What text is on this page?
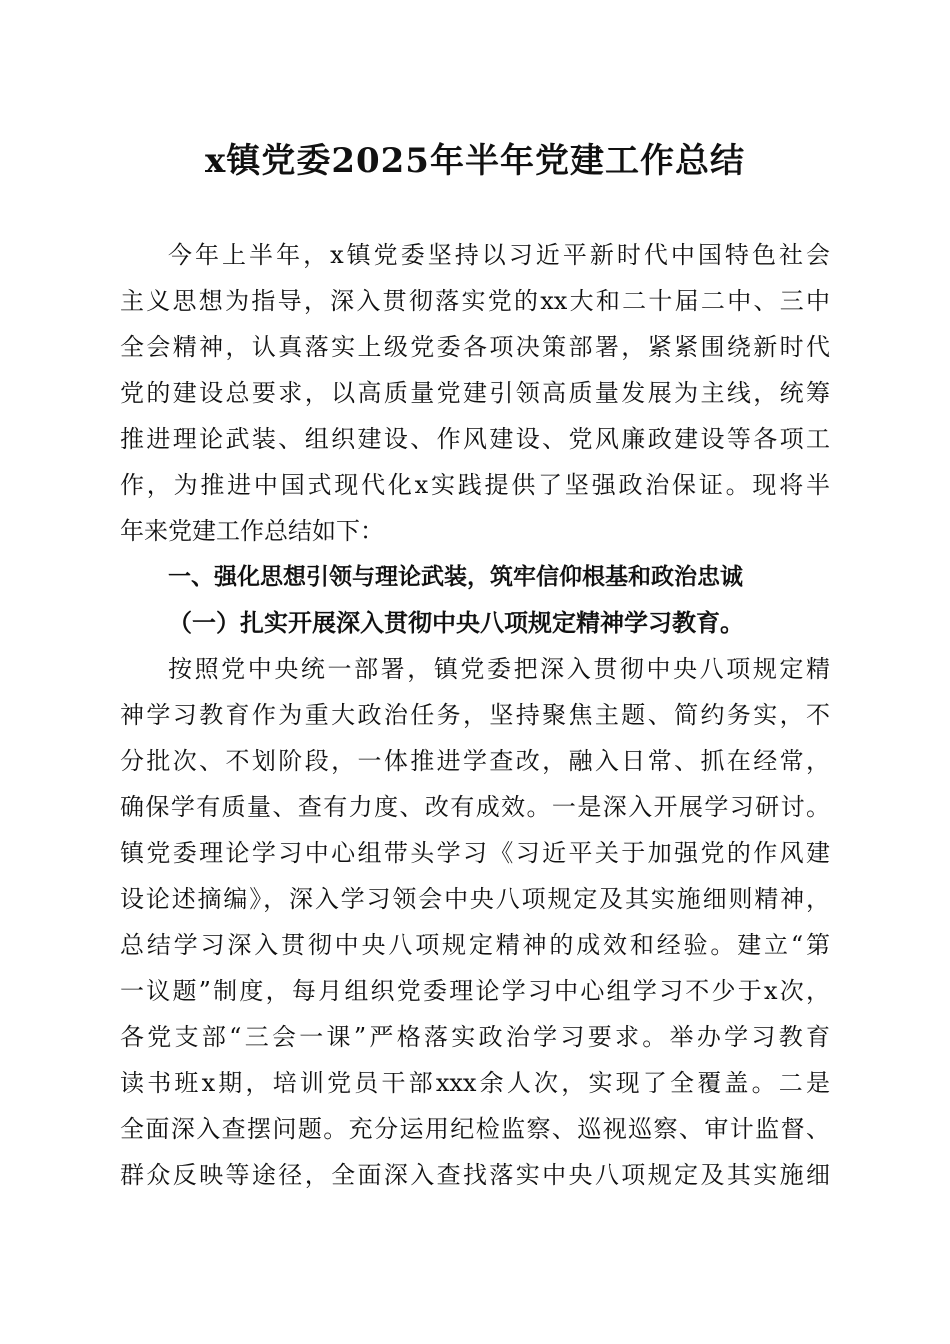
x镇党委2025年半年党建工作总结
今年上半年，x镇党委坚持以习近平新时代中国特色社会
主义思想为指导，深入贯彻落实党的xx大和二十届二中、三中
全会精神，认真落实上级党委各项决策部署，紧紧围绕新时代
党的建设总要求，以高质量党建引领高质量发展为主线，统筹
推进理论武装、组织建设、作风建设、党风廉政建设等各项工
作，为推进中国式现代化x实践提供了坚强政治保证。现将半
年来党建工作总结如下：
一、强化思想引领与理论武装，筑牢信仰根基和政治忠诚
（一）扎实开展深入贯彻中央八项规定精神学习教育。
按照党中央统一部署，镇党委把深入贯彻中央八项规定精
神学习教育作为重大政治任务，坚持聚焦主题、简约务实，不
分批次、不划阶段，一体推进学查改，融入日常、抓在经常，
确保学有质量、查有力度、改有成效。一是深入开展学习研讨。
镇党委理论学习中心组带头学习《习近平关于加强党的作风建
设论述摘编》，深入学习领会中央八项规定及其实施细则精神，
总结学习深入贯彻中央八项规定精神的成效和经验。建立“第
一议题”制度，每月组织党委理论学习中心组学习不少于x次，
各党支部“三会一课”严格落实政治学习要求。举办学习教育
读书班x期，培训党员干部xxx余人次，实现了全覆盖。二是
全面深入查摆问题。充分运用纪检监察、巡视巡察、审计监督、
群众反映等途径，全面深入查找落实中央八项规定及其实施细
